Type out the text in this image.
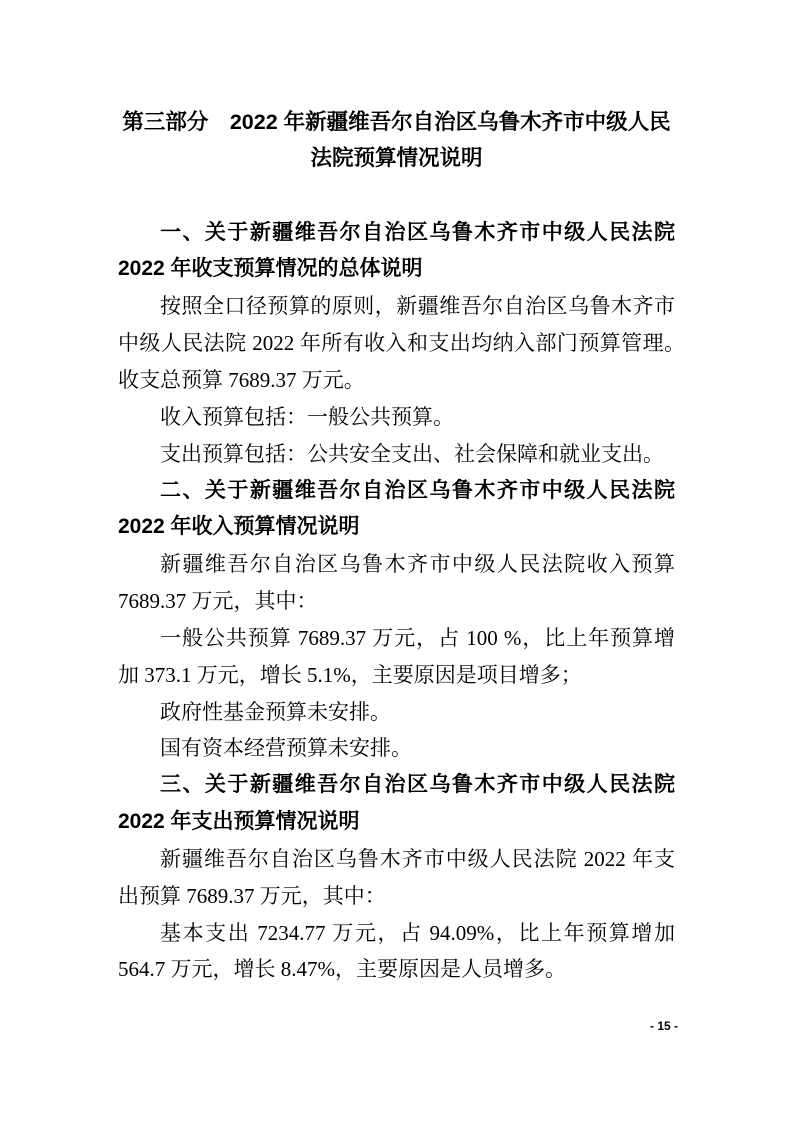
第三部分　2022 年新疆维吾尔自治区乌鲁木齐市中级人民
法院预算情况说明
一、关于新疆维吾尔自治区乌鲁木齐市中级人民法院
2022 年收支预算情况的总体说明
按照全口径预算的原则，新疆维吾尔自治区乌鲁木齐市
中级人民法院 2022 年所有收入和支出均纳入部门预算管理。
收支总预算 7689.37 万元。
收入预算包括：一般公共预算。
支出预算包括：公共安全支出、社会保障和就业支出。
二、关于新疆维吾尔自治区乌鲁木齐市中级人民法院
2022 年收入预算情况说明
新疆维吾尔自治区乌鲁木齐市中级人民法院收入预算
7689.37 万元，其中：
一般公共预算 7689.37 万元，占 100 %，比上年预算增
加 373.1 万元，增长 5.1%，主要原因是项目增多；
政府性基金预算未安排。
国有资本经营预算未安排。
三、关于新疆维吾尔自治区乌鲁木齐市中级人民法院
2022 年支出预算情况说明
新疆维吾尔自治区乌鲁木齐市中级人民法院 2022 年支
出预算 7689.37 万元，其中：
基本支出 7234.77 万元，占 94.09%，比上年预算增加
564.7 万元，增长 8.47%，主要原因是人员增多。
- 15 -
